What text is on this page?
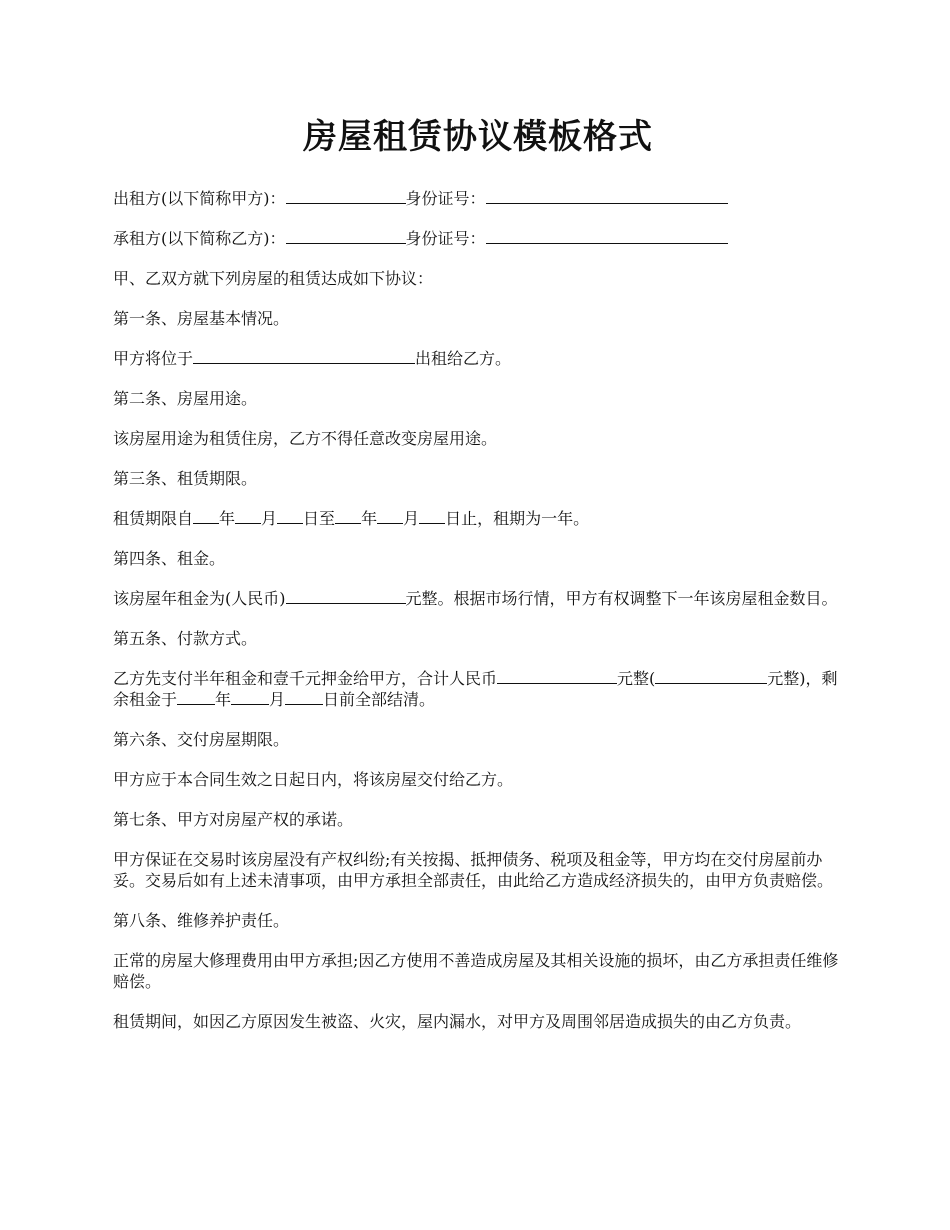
房屋租赁协议模板格式

出租方(以下简称甲方)：	身份证号：

承租方(以下简称乙方)：	身份证号：

甲、乙双方就下列房屋的租赁达成如下协议：

第一条、房屋基本情况。

甲方将位于	出租给乙方。

第二条、房屋用途。

该房屋用途为租赁住房，乙方不得任意改变房屋用途。

第三条、租赁期限。

租赁期限自 年 月 日至 年 月 日止，租期为一年。

第四条、租金。

该房屋年租金为(人民币)	元整。根据市场行情，甲方有权调整下一年该房屋租金数目。

第五条、付款方式。

乙方先支付半年租金和壹千元押金给甲方，合计人民币	元整(	元整)，剩余租金于 年 月 日前全部结清。

第六条、交付房屋期限。

甲方应于本合同生效之日起日内，将该房屋交付给乙方。

第七条、甲方对房屋产权的承诺。

甲方保证在交易时该房屋没有产权纠纷;有关按揭、抵押债务、税项及租金等，甲方均在交付房屋前办妥。交易后如有上述未清事项，由甲方承担全部责任，由此给乙方造成经济损失的，由甲方负责赔偿。

第八条、维修养护责任。

正常的房屋大修理费用由甲方承担;因乙方使用不善造成房屋及其相关设施的损坏，由乙方承担责任维修赔偿。

租赁期间，如因乙方原因发生被盗、火灾，屋内漏水，对甲方及周围邻居造成损失的由乙方负责。
